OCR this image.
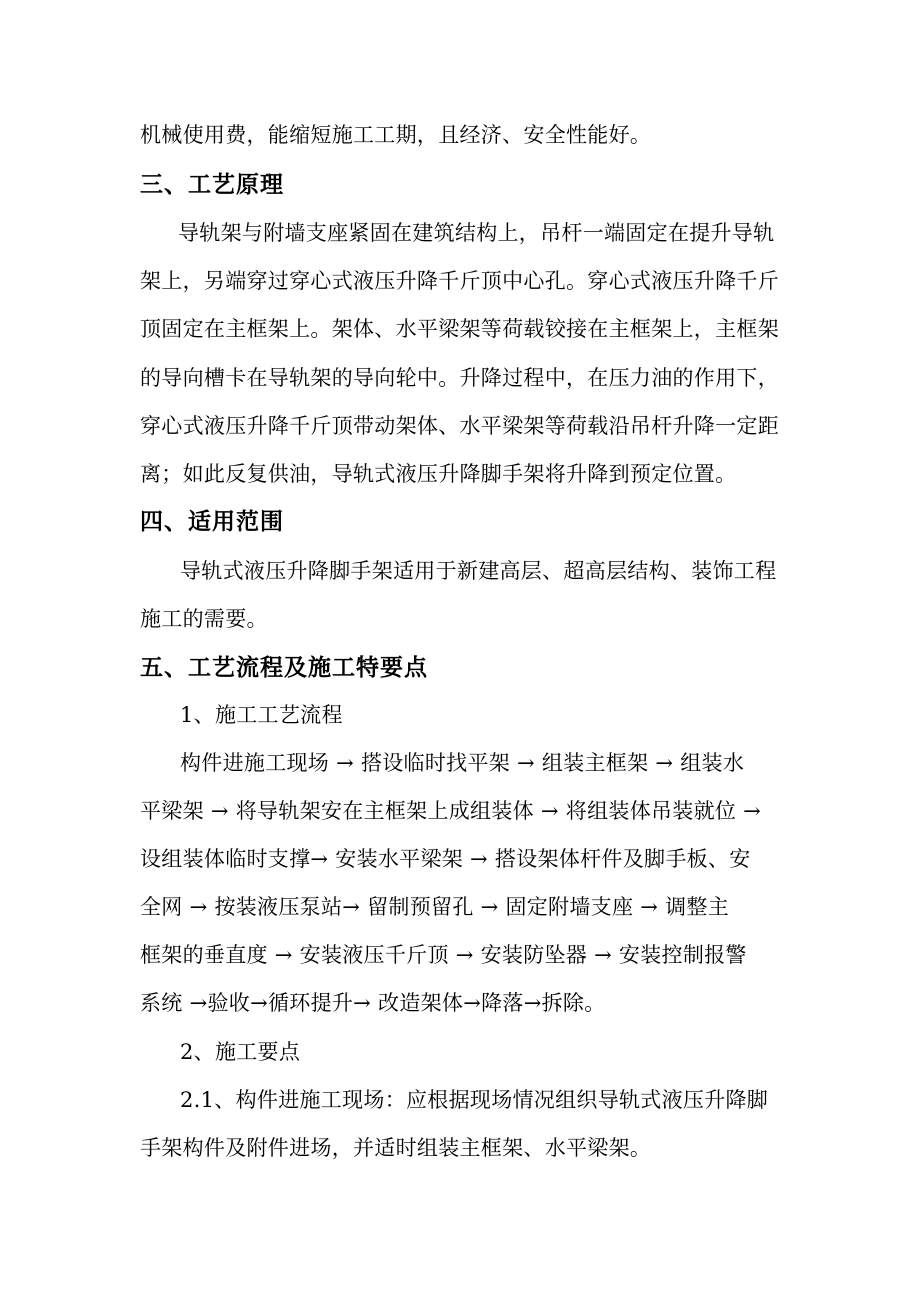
机械使用费，能缩短施工工期，且经济、安全性能好。
三、工艺原理
导轨架与附墙支座紧固在建筑结构上，吊杆一端固定在提升导轨
架上，另端穿过穿心式液压升降千斤顶中心孔。穿心式液压升降千斤
顶固定在主框架上。架体、水平梁架等荷载铰接在主框架上，主框架
的导向槽卡在导轨架的导向轮中。升降过程中，在压力油的作用下，
穿心式液压升降千斤顶带动架体、水平梁架等荷载沿吊杆升降一定距
离；如此反复供油，导轨式液压升降脚手架将升降到预定位置。
四、适用范围
导轨式液压升降脚手架适用于新建高层、超高层结构、装饰工程
施工的需要。
五、工艺流程及施工特要点
1、施工工艺流程
构件进施工现场 → 搭设临时找平架 → 组装主框架 → 组装水
平梁架 → 将导轨架安在主框架上成组装体 → 将组装体吊装就位 →
设组装体临时支撑→ 安装水平梁架 → 搭设架体杆件及脚手板、安
全网 → 按装液压泵站→ 留制预留孔 → 固定附墙支座 → 调整主
框架的垂直度 → 安装液压千斤顶 → 安装防坠器 → 安装控制报警
系统 →验收→循环提升→ 改造架体→降落→拆除。
2、施工要点
2.1、构件进施工现场：应根据现场情况组织导轨式液压升降脚
手架构件及附件进场，并适时组装主框架、水平梁架。
